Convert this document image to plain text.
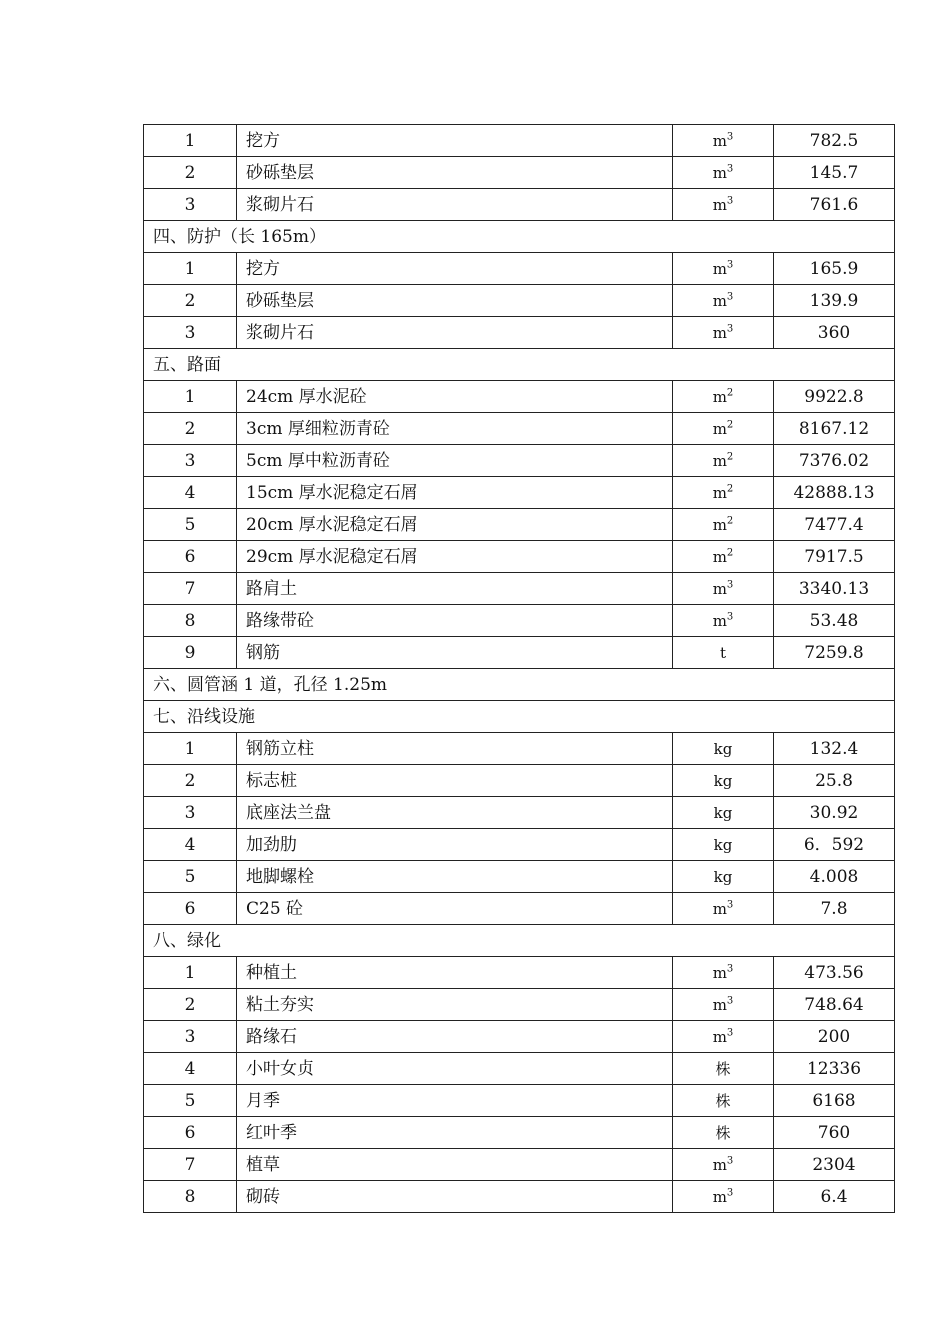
1	挖方	$m^3$	782.5
2	砂砾垫层	$m^3$	145.7
3	浆砌片石	$m^3$	761.6
四、防护（长 165m）			
1	挖方	$m^3$	165.9
2	砂砾垫层	$m^3$	139.9
3	浆砌片石	$m^3$	360
五、路面			
1	24cm 厚水泥砼	$m^2$	9922.8
2	3cm 厚细粒沥青砼	$m^2$	8167.12
3	5cm 厚中粒沥青砼	$m^2$	7376.02
4	15cm 厚水泥稳定石屑	$m^2$	42888.13
5	20cm 厚水泥稳定石屑	$m^2$	7477.4
6	29cm 厚水泥稳定石屑	$m^2$	7917.5
7	路肩土	$m^3$	3340.13
8	路缘带砼	$m^3$	53.48
9	钢筋	t	7259.8
六、圆管涵 1 道，孔径 1.25m			
七、沿线设施			
1	钢筋立柱	kg	132.4
2	标志桩	kg	25.8
3	底座法兰盘	kg	30.92
4	加劲肋	kg	6．592
5	地脚螺栓	kg	4.008
6	C25 砼	$m^3$	7.8
八、绿化			
1	种植土	$m^3$	473.56
2	粘土夯实	$m^3$	748.64
3	路缘石	$m^3$	200
4	小叶女贞	株	12336
5	月季	株	6168
6	红叶季	株	760
7	植草	$m^3$	2304
8	砌砖	$m^3$	6.4
